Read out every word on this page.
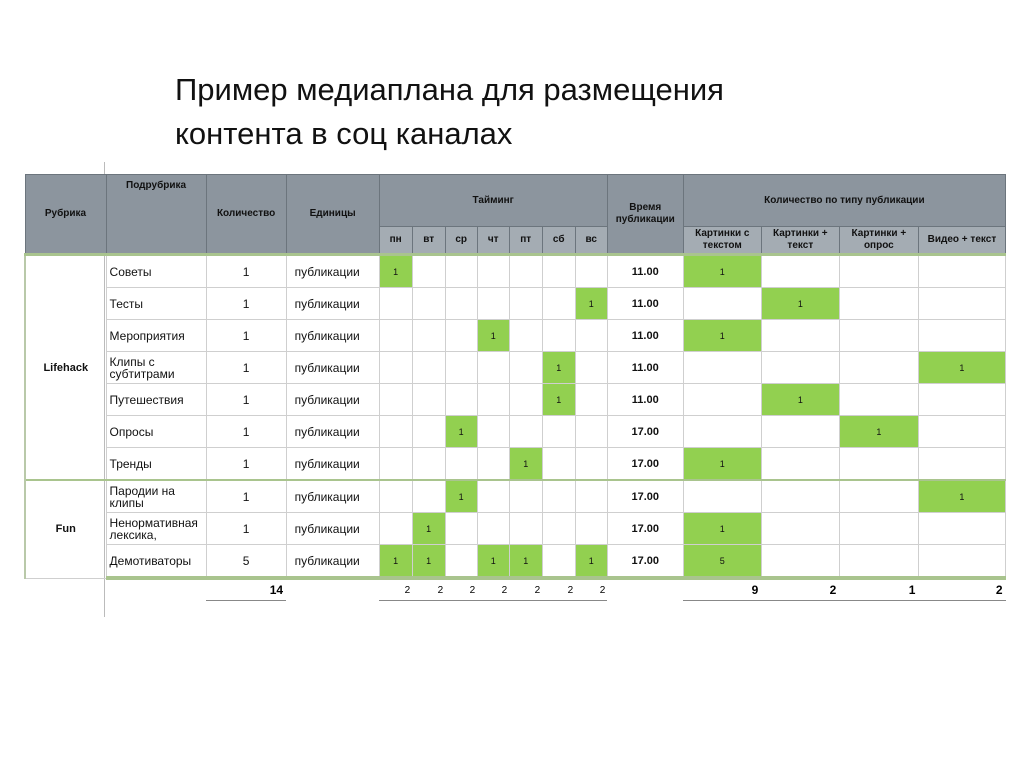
Пример медиаплана для размещения
контента в соц каналах
Рубрика	Подрубрика	Количество	Единицы	Тайминг							Время публикации	Количество по типу публикации			
				пн	вт	ср	чт	пт	сб	вс		Картинки с текстом	Картинки + текст	Картинки + опрос	Видео + текст
Lifehack	Советы	1	публикации	1							11.00	1			
	Тесты	1	публикации							1	11.00		1		
	Мероприятия	1	публикации				1				11.00	1			
	Клипы с субтитрами	1	публикации						1		11.00				1
	Путешествия	1	публикации						1		11.00		1		
	Опросы	1	публикации			1					17.00			1	
	Тренды	1	публикации					1			17.00	1			
Fun	Пародии на клипы	1	публикации			1					17.00				1
	Ненормативная лексика,	1	публикации		1						17.00	1			
	Демотиваторы	5	публикации	1	1		1	1		1	17.00	5			
		14		2	2	2	2	2	2	2		9	2	1	2
